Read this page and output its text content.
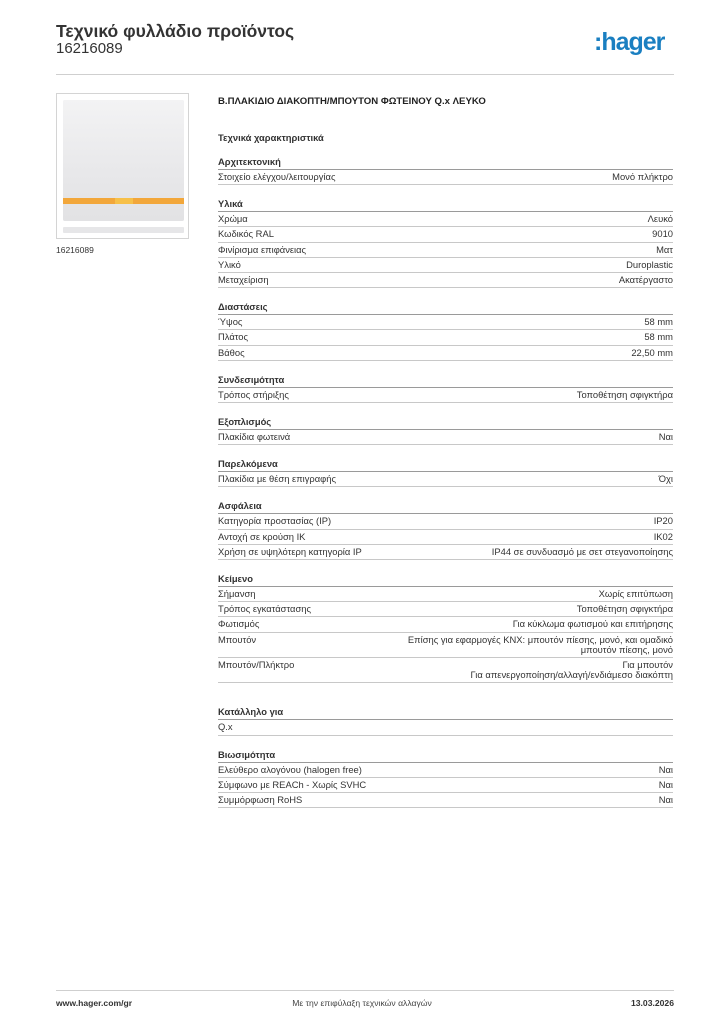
Τεχνικό φυλλάδιο προϊόντος
16216089	:hager
16216089
Β.ΠΛΑΚΙΔΙΟ ΔΙΑΚΟΠΤΗ/ΜΠΟΥΤΟΝ ΦΩΤΕΙΝΟΥ Q.x ΛΕΥΚΟ
Τεχνικά χαρακτηριστικά
Αρχιτεκτονική
Στοιχείο ελέγχου/λειτουργίας	Μονό πλήκτρο
Υλικά
Χρώμα	Λευκό
Κωδικός RAL	9010
Φινίρισμα επιφάνειας	Ματ
Υλικό	Duroplastic
Μεταχείριση	Ακατέργαστο
Διαστάσεις
Ύψος	58 mm
Πλάτος	58 mm
Βάθος	22,50 mm
Συνδεσιμότητα
Τρόπος στήριξης	Τοποθέτηση σφιγκτήρα
Εξοπλισμός
Πλακίδια φωτεινά	Ναι
Παρελκόμενα
Πλακίδια με θέση επιγραφής	Όχι
Ασφάλεια
Κατηγορία προστασίας (IP)	IP20
Αντοχή σε κρούση IK	IK02
Χρήση σε υψηλότερη κατηγορία IP	IP44 σε συνδυασμό με σετ στεγανοποίησης
Κείμενο
Σήμανση	Χωρίς επιτύπωση
Τρόπος εγκατάστασης	Τοποθέτηση σφιγκτήρα
Φωτισμός	Για κύκλωμα φωτισμού και επιτήρησης
Μπουτόν	Επίσης για εφαρμογές KNX: μπουτόν πίεσης, μονό, και ομαδικό
μπουτόν πίεσης, μονό
Μπουτόν/Πλήκτρο	Για μπουτόν
Για απενεργοποίηση/αλλαγή/ενδιάμεσο διακόπτη
Κατάλληλο για
Q.x
Βιωσιμότητα
Ελεύθερο αλογόνου (halogen free)	Ναι
Σύμφωνο με REACh - Χωρίς SVHC	Ναι
Συμμόρφωση RoHS	Ναι
www.hager.com/gr	Με την επιφύλαξη τεχνικών αλλαγών	13.03.2026
